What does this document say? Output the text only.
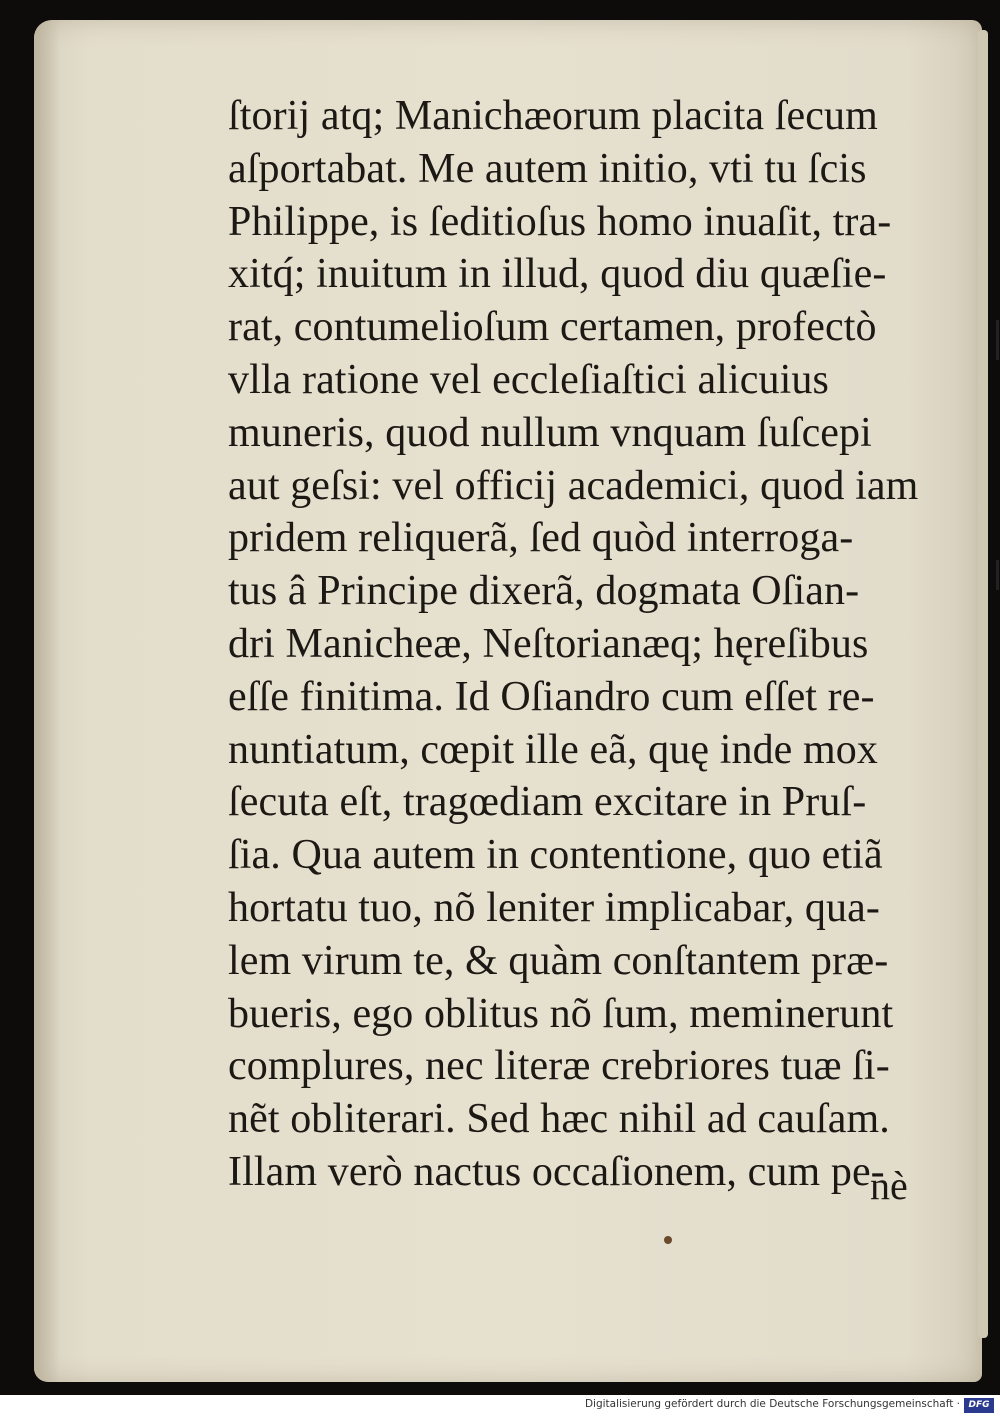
ſtorij atq; Manichæorum placita ſecum
aſportabat. Me autem initio, vti tu ſcis
Philippe, is ſeditioſus homo inuaſit, tra-
xitq́; inuitum in illud, quod diu quæſie-
rat, contumelioſum certamen, profectò
vlla ratione vel eccleſiaſtici alicuius
muneris, quod nullum vnquam ſuſcepi
aut geſsi: vel officij academici, quod iam
pridem reliquerã, ſed quòd interroga-
tus â Principe dixerã, dogmata Oſian-
dri Manicheæ, Neſtorianæq; hęreſibus
eſſe finitima. Id Oſiandro cum eſſet re-
nuntiatum, cœpit ille eã, quę inde mox
ſecuta eſt, tragœdiam excitare in Pruſ-
ſia. Qua autem in contentione, quo etiã
hortatu tuo, nõ leniter implicabar, qua-
lem virum te, & quàm conſtantem præ-
bueris, ego oblitus nõ ſum, meminerunt
complures, nec literæ crebriores tuæ ſi-
nẽt obliterari. Sed hæc nihil ad cauſam.
Illam verò nactus occaſionem, cum pe-
nè
Digitalisierung gefördert durch die Deutsche Forschungsgemeinschaft · DFG
